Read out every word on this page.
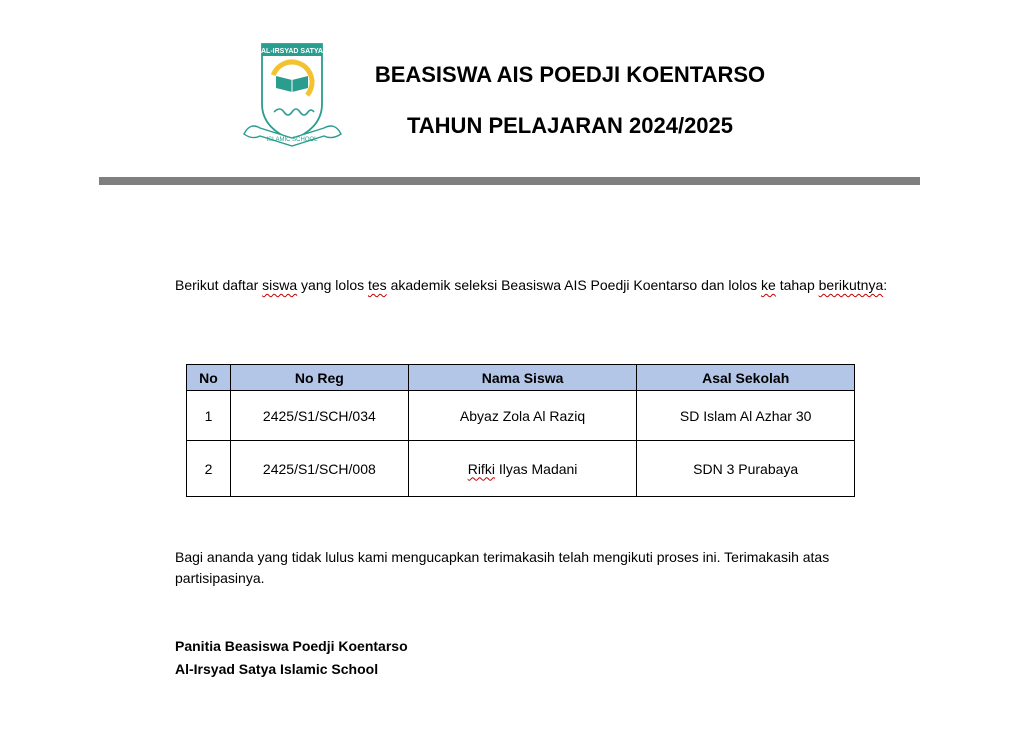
AL-IRSYAD SATYA
ISLAMIC SCHOOL
BEASISWA AIS POEDJI KOENTARSO
TAHUN PELAJARAN 2024/2025
Berikut daftar siswa yang lolos tes akademik seleksi Beasiswa AIS Poedji Koentarso dan lolos ke tahap berikutnya:
No	No Reg	Nama Siswa	Asal Sekolah
1	2425/S1/SCH/034	Abyaz Zola Al Raziq	SD Islam Al Azhar 30
2	2425/S1/SCH/008	Rifki Ilyas Madani	SDN 3 Purabaya
Bagi ananda yang tidak lulus kami mengucapkan terimakasih telah mengikuti proses ini. Terimakasih atas partisipasinya.
Panitia Beasiswa Poedji Koentarso
Al-Irsyad Satya Islamic School
